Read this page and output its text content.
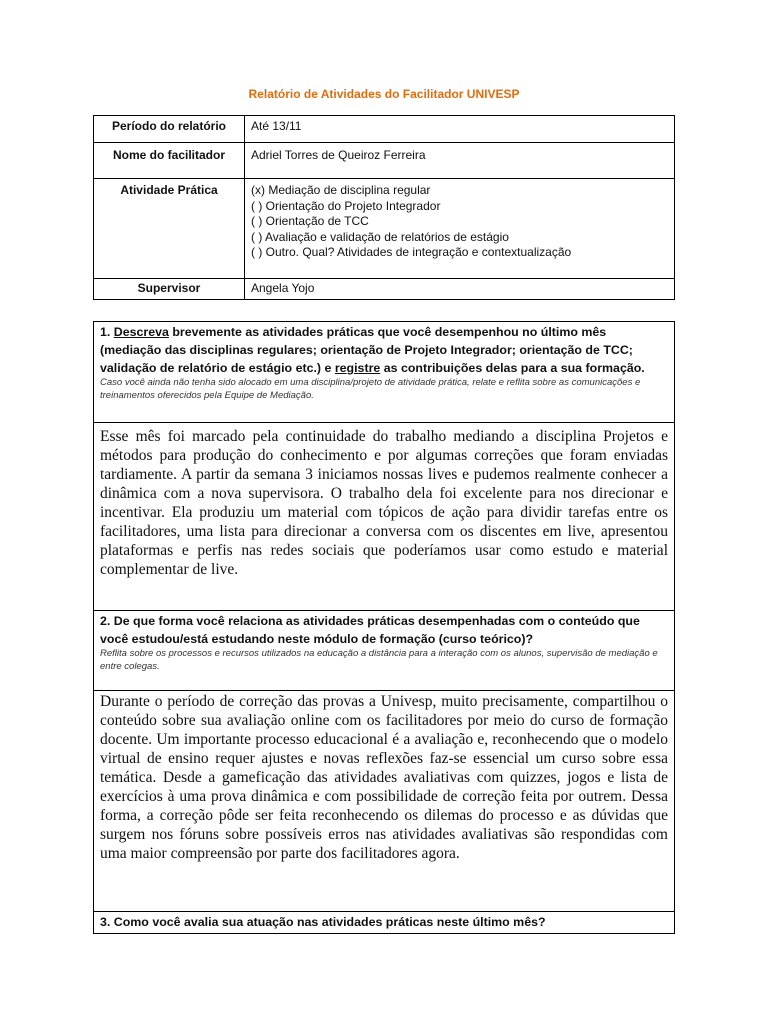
Relatório de Atividades do Facilitador UNIVESP
Período do relatório	Até 13/11
Nome do facilitador	Adriel Torres de Queiroz Ferreira
Atividade Prática	(x) Mediação de disciplina regular
( ) Orientação do Projeto Integrador
( ) Orientação de TCC
( ) Avaliação e validação de relatórios de estágio
( ) Outro. Qual? Atividades de integração e contextualização

Supervisor	Angela Yojo
1. Descreva brevemente as atividades práticas que você desempenhou no último mês (mediação das disciplinas regulares; orientação de Projeto Integrador; orientação de TCC; validação de relatório de estágio etc.) e registre as contribuições delas para a sua formação.
Caso você ainda não tenha sido alocado em uma disciplina/projeto de atividade prática, relate e reflita sobre as comunicações e treinamentos oferecidos pela Equipe de Mediação.

Esse mês foi marcado pela continuidade do trabalho mediando a disciplina Projetos e métodos para produção do conhecimento e por algumas correções que foram enviadas tardiamente. A partir da semana 3 iniciamos nossas lives e pudemos realmente conhecer a dinâmica com a nova supervisora. O trabalho dela foi excelente para nos direcionar e incentivar. Ela produziu um material com tópicos de ação para dividir tarefas entre os facilitadores, uma lista para direcionar a conversa com os discentes em live, apresentou plataformas e perfis nas redes sociais que poderíamos usar como estudo e material complementar de live.
2. De que forma você relaciona as atividades práticas desempenhadas com o conteúdo que você estudou/está estudando neste módulo de formação (curso teórico)?
Reflita sobre os processos e recursos utilizados na educação a distância para a interação com os alunos, supervisão de mediação e entre colegas.

Durante o período de correção das provas a Univesp, muito precisamente, compartilhou o conteúdo sobre sua avaliação online com os facilitadores por meio do curso de formação docente. Um importante processo educacional é a avaliação e, reconhecendo que o modelo virtual de ensino requer ajustes e novas reflexões faz-se essencial um curso sobre essa temática. Desde a gameficação das atividades avaliativas com quizzes, jogos e lista de exercícios à uma prova dinâmica e com possibilidade de correção feita por outrem. Dessa forma, a correção pôde ser feita reconhecendo os dilemas do processo e as dúvidas que surgem nos fóruns sobre possíveis erros nas atividades avaliativas são respondidas com uma maior compreensão por parte dos facilitadores agora.
3. Como você avalia sua atuação nas atividades práticas neste último mês?
